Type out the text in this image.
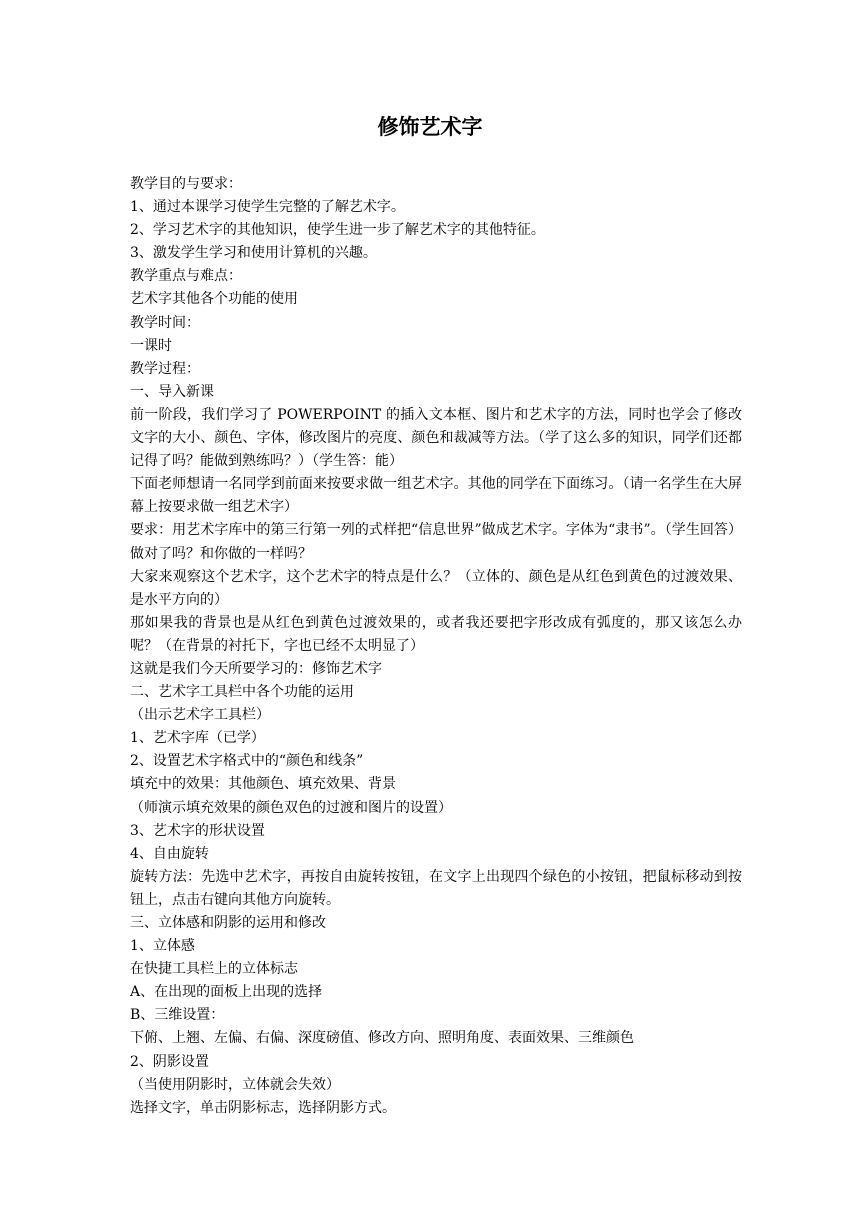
修饰艺术字

教学目的与要求：

1、通过本课学习使学生完整的了解艺术字。

2、学习艺术字的其他知识，使学生进一步了解艺术字的其他特征。

3、激发学生学习和使用计算机的兴趣。

教学重点与难点：

艺术字其他各个功能的使用

教学时间：

一课时

教学过程：

一、导入新课

前一阶段，我们学习了 POWERPOINT 的插入文本框、图片和艺术字的方法，同时也学会了修改文字的大小、颜色、字体，修改图片的亮度、颜色和裁减等方法。（学了这么多的知识，同学们还都记得了吗？能做到熟练吗？）（学生答：能）

下面老师想请一名同学到前面来按要求做一组艺术字。其他的同学在下面练习。（请一名学生在大屏幕上按要求做一组艺术字）

要求：用艺术字库中的第三行第一列的式样把“信息世界”做成艺术字。字体为“隶书”。（学生回答）做对了吗？和你做的一样吗？

大家来观察这个艺术字，这个艺术字的特点是什么？（立体的、颜色是从红色到黄色的过渡效果、是水平方向的）

那如果我的背景也是从红色到黄色过渡效果的，或者我还要把字形改成有弧度的，那又该怎么办呢？（在背景的衬托下，字也已经不太明显了）

这就是我们今天所要学习的：修饰艺术字

二、艺术字工具栏中各个功能的运用

（出示艺术字工具栏）

1、艺术字库（已学）

2、设置艺术字格式中的“颜色和线条”

填充中的效果：其他颜色、填充效果、背景

（师演示填充效果的颜色双色的过渡和图片的设置）

3、艺术字的形状设置

4、自由旋转

旋转方法：先选中艺术字，再按自由旋转按钮，在文字上出现四个绿色的小按钮，把鼠标移动到按钮上，点击右键向其他方向旋转。

三、立体感和阴影的运用和修改

1、立体感

在快捷工具栏上的立体标志

A、在出现的面板上出现的选择

B、三维设置：

下俯、上翘、左偏、右偏、深度磅值、修改方向、照明角度、表面效果、三维颜色

2、阴影设置

（当使用阴影时，立体就会失效）

选择文字，单击阴影标志，选择阴影方式。
